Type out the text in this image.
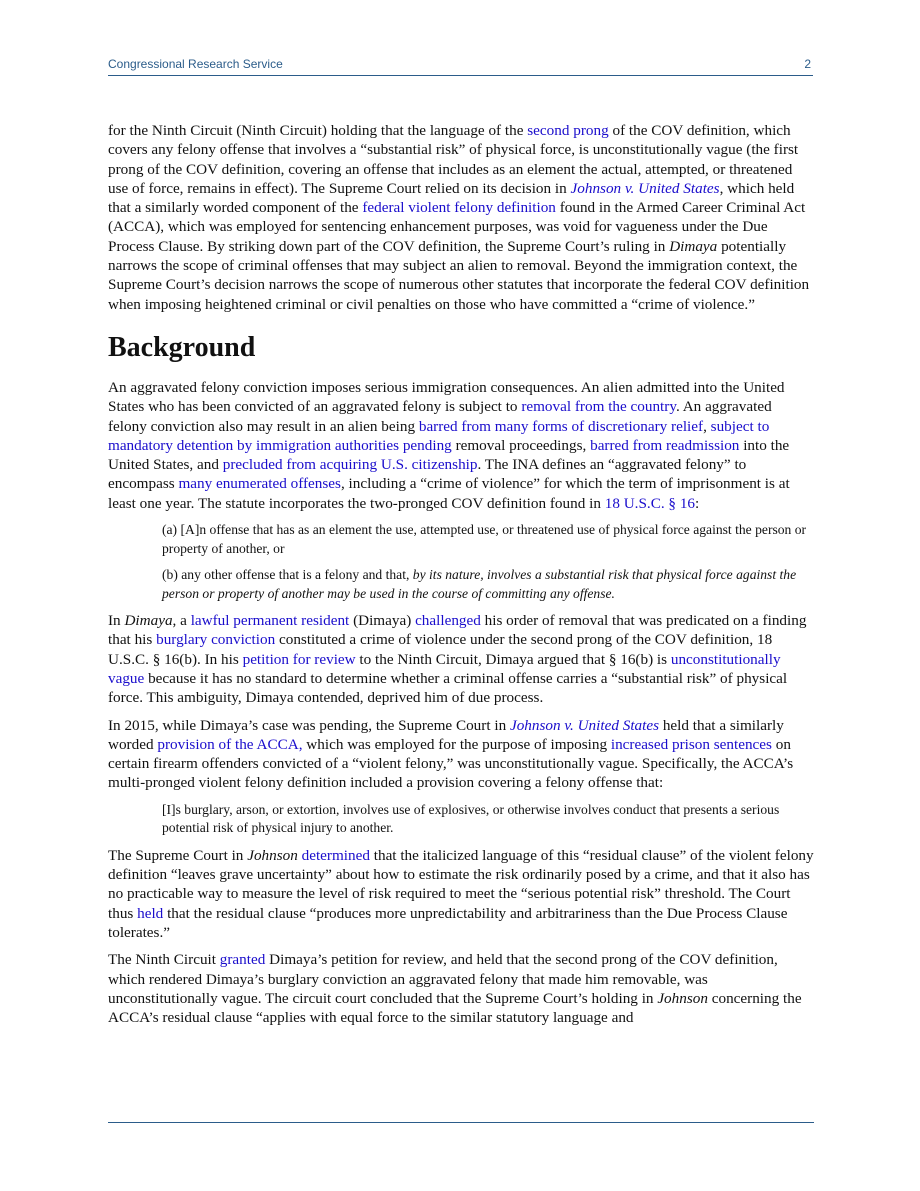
Congressional Research Service	2

for the Ninth Circuit (Ninth Circuit) holding that the language of the second prong of the COV definition, which covers any felony offense that involves a “substantial risk” of physical force, is unconstitutionally vague (the first prong of the COV definition, covering an offense that includes as an element the actual, attempted, or threatened use of force, remains in effect). The Supreme Court relied on its decision in Johnson v. United States, which held that a similarly worded component of the federal violent felony definition found in the Armed Career Criminal Act (ACCA), which was employed for sentencing enhancement purposes, was void for vagueness under the Due Process Clause. By striking down part of the COV definition, the Supreme Court’s ruling in Dimaya potentially narrows the scope of criminal offenses that may subject an alien to removal. Beyond the immigration context, the Supreme Court’s decision narrows the scope of numerous other statutes that incorporate the federal COV definition when imposing heightened criminal or civil penalties on those who have committed a “crime of violence.”

Background

An aggravated felony conviction imposes serious immigration consequences. An alien admitted into the United States who has been convicted of an aggravated felony is subject to removal from the country. An aggravated felony conviction also may result in an alien being barred from many forms of discretionary relief, subject to mandatory detention by immigration authorities pending removal proceedings, barred from readmission into the United States, and precluded from acquiring U.S. citizenship. The INA defines an “aggravated felony” to encompass many enumerated offenses, including a “crime of violence” for which the term of imprisonment is at least one year. The statute incorporates the two-pronged COV definition found in 18 U.S.C. § 16:

(a) [A]n offense that has as an element the use, attempted use, or threatened use of physical force against the person or property of another, or

(b) any other offense that is a felony and that, by its nature, involves a substantial risk that physical force against the person or property of another may be used in the course of committing any offense.

In Dimaya, a lawful permanent resident (Dimaya) challenged his order of removal that was predicated on a finding that his burglary conviction constituted a crime of violence under the second prong of the COV definition, 18 U.S.C. § 16(b). In his petition for review to the Ninth Circuit, Dimaya argued that § 16(b) is unconstitutionally vague because it has no standard to determine whether a criminal offense carries a “substantial risk” of physical force. This ambiguity, Dimaya contended, deprived him of due process.

In 2015, while Dimaya’s case was pending, the Supreme Court in Johnson v. United States held that a similarly worded provision of the ACCA, which was employed for the purpose of imposing increased prison sentences on certain firearm offenders convicted of a “violent felony,” was unconstitutionally vague. Specifically, the ACCA’s multi-pronged violent felony definition included a provision covering a felony offense that:

[I]s burglary, arson, or extortion, involves use of explosives, or otherwise involves conduct that presents a serious potential risk of physical injury to another.

The Supreme Court in Johnson determined that the italicized language of this “residual clause” of the violent felony definition “leaves grave uncertainty” about how to estimate the risk ordinarily posed by a crime, and that it also has no practicable way to measure the level of risk required to meet the “serious potential risk” threshold. The Court thus held that the residual clause “produces more unpredictability and arbitrariness than the Due Process Clause tolerates.”

The Ninth Circuit granted Dimaya’s petition for review, and held that the second prong of the COV definition, which rendered Dimaya’s burglary conviction an aggravated felony that made him removable, was unconstitutionally vague. The circuit court concluded that the Supreme Court’s holding in Johnson concerning the ACCA’s residual clause “applies with equal force to the similar statutory language and
